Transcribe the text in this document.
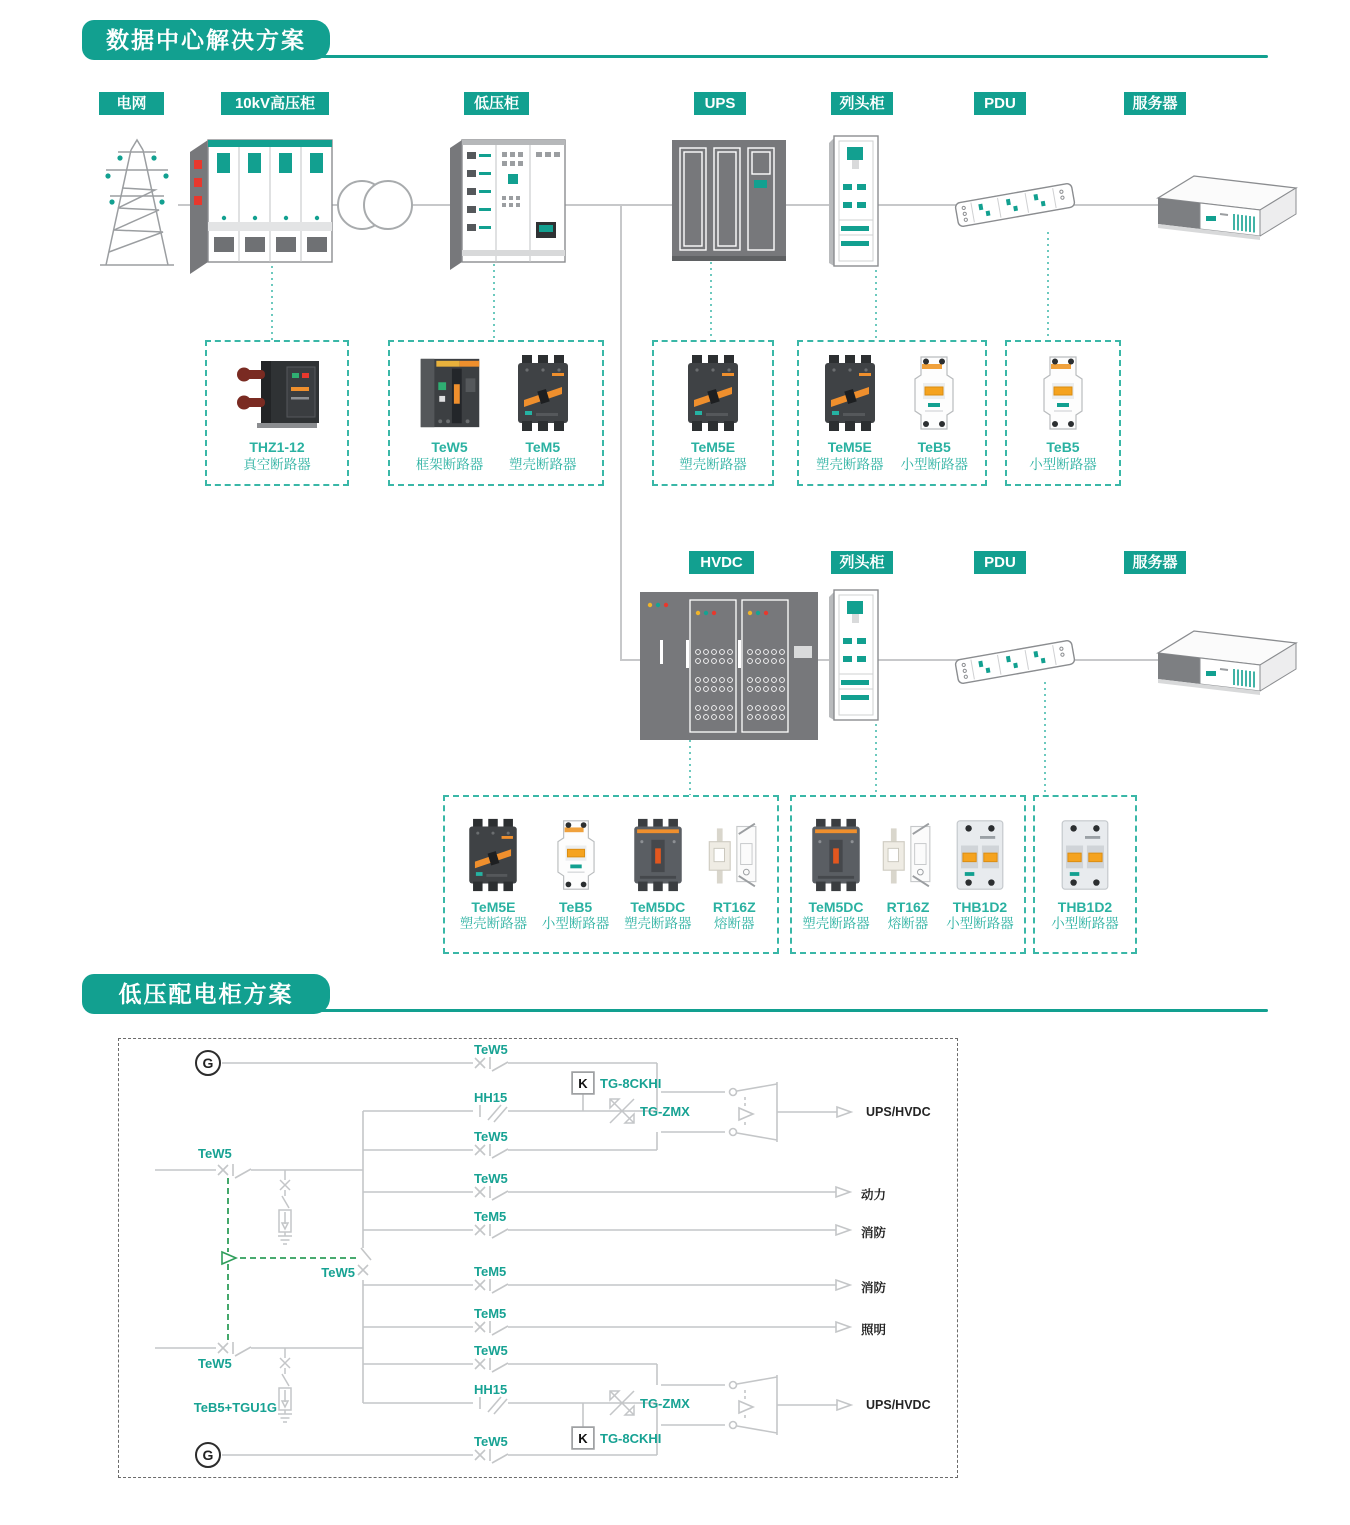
数据中心解决方案
电网	10kV高压柜	低压柜	UPS	列头柜	PDU	服务器
HVDC	列头柜	PDU	服务器
THZ1-12
真空断路器
TeW5
框架断路器
TeM5
塑壳断路器
TeM5E
塑壳断路器
TeM5E
塑壳断路器
TeB5
小型断路器
TeB5
小型断路器
TeM5E
塑壳断路器
TeB5
小型断路器
TeM5DC
塑壳断路器
RT16Z
熔断器
TeM5DC
塑壳断路器
RT16Z
熔断器
THB1D2
小型断路器
THB1D2
小型断路器
低压配电柜方案
G
G
TeW5
HH15
TeW5
TeW5
TeW5
TeM5
TeW5	TeM5
TeM5
TeW5
HH15
TeW5
TeW5
TeB5+TGU1G
K
K
TG-8CKHI
TG-8CKHI
TG-ZMX
TG-ZMX
UPS/HVDC
动力
消防
消防
照明
UPS/HVDC
